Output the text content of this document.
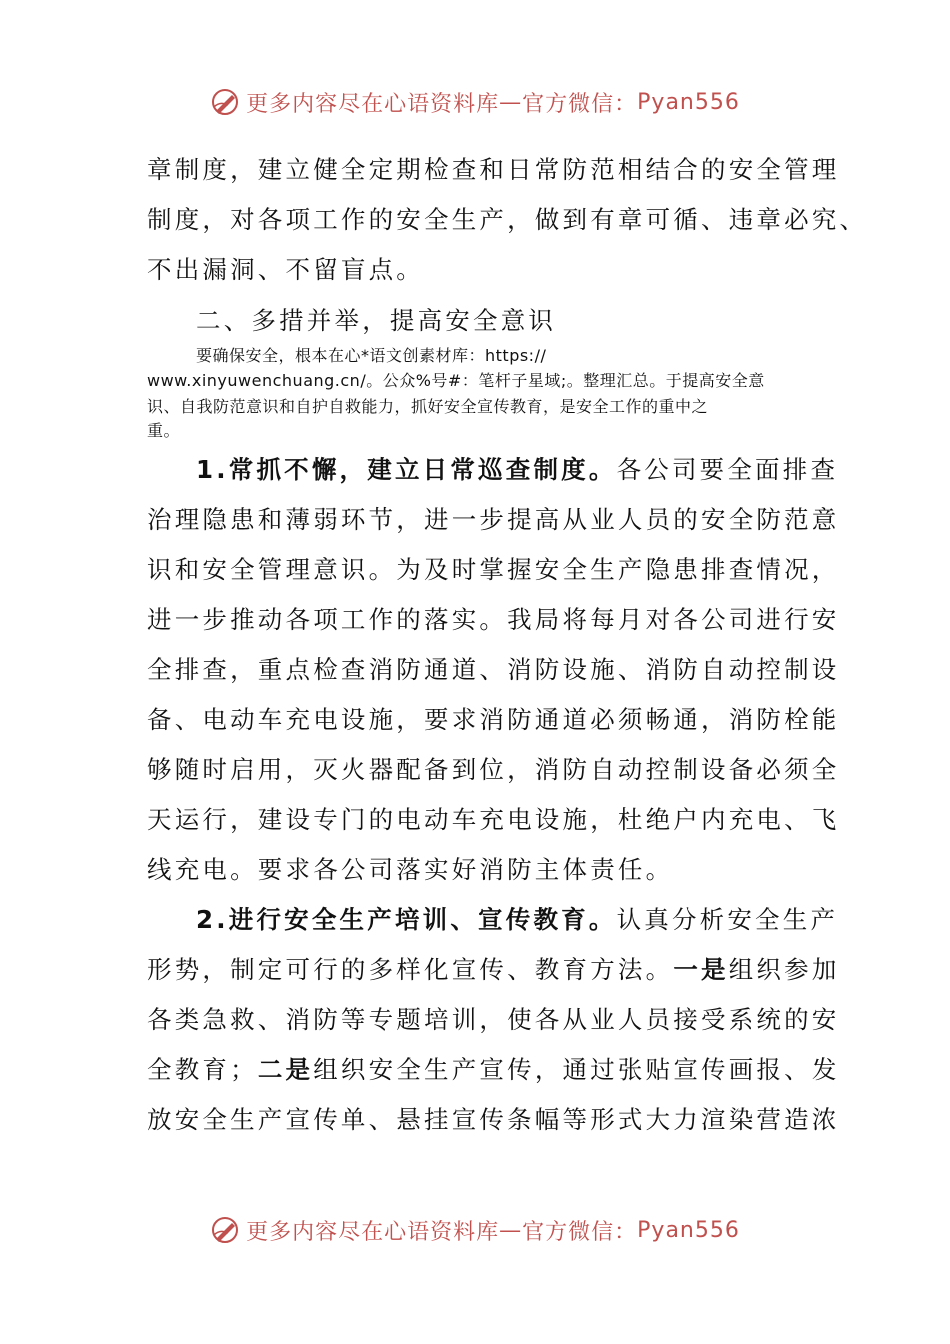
更多内容尽在心语资料库 — 官方微信： Pyan556
章制度，建立健全定期检查和日常防范相结合的安全管理
制度，对各项工作的安全生产，做到有章可循、违章必究、
不出漏洞、不留盲点。
二、多措并举，提高安全意识
要确保安全，根本在心*语文创素材库：https://
www.xinyuwenchuang.cn/。公众%号#：笔杆子星域;。整理汇总。于提高安全意
识、自我防范意识和自护自救能力，抓好安全宣传教育，是安全工作的重中之
重。
1.常抓不懈，建立日常巡查制度。各公司要全面排查
治理隐患和薄弱环节，进一步提高从业人员的安全防范意
识和安全管理意识。为及时掌握安全生产隐患排查情况，
进一步推动各项工作的落实。我局将每月对各公司进行安
全排查，重点检查消防通道、消防设施、消防自动控制设
备、电动车充电设施，要求消防通道必须畅通，消防栓能
够随时启用，灭火器配备到位，消防自动控制设备必须全
天运行，建设专门的电动车充电设施，杜绝户内充电、飞
线充电。要求各公司落实好消防主体责任。
2.进行安全生产培训、宣传教育。认真分析安全生产
形势，制定可行的多样化宣传、教育方法。一是组织参加
各类急救、消防等专题培训，使各从业人员接受系统的安
全教育；二是组织安全生产宣传，通过张贴宣传画报、发
放安全生产宣传单、悬挂宣传条幅等形式大力渲染营造浓
更多内容尽在心语资料库 — 官方微信： Pyan556
